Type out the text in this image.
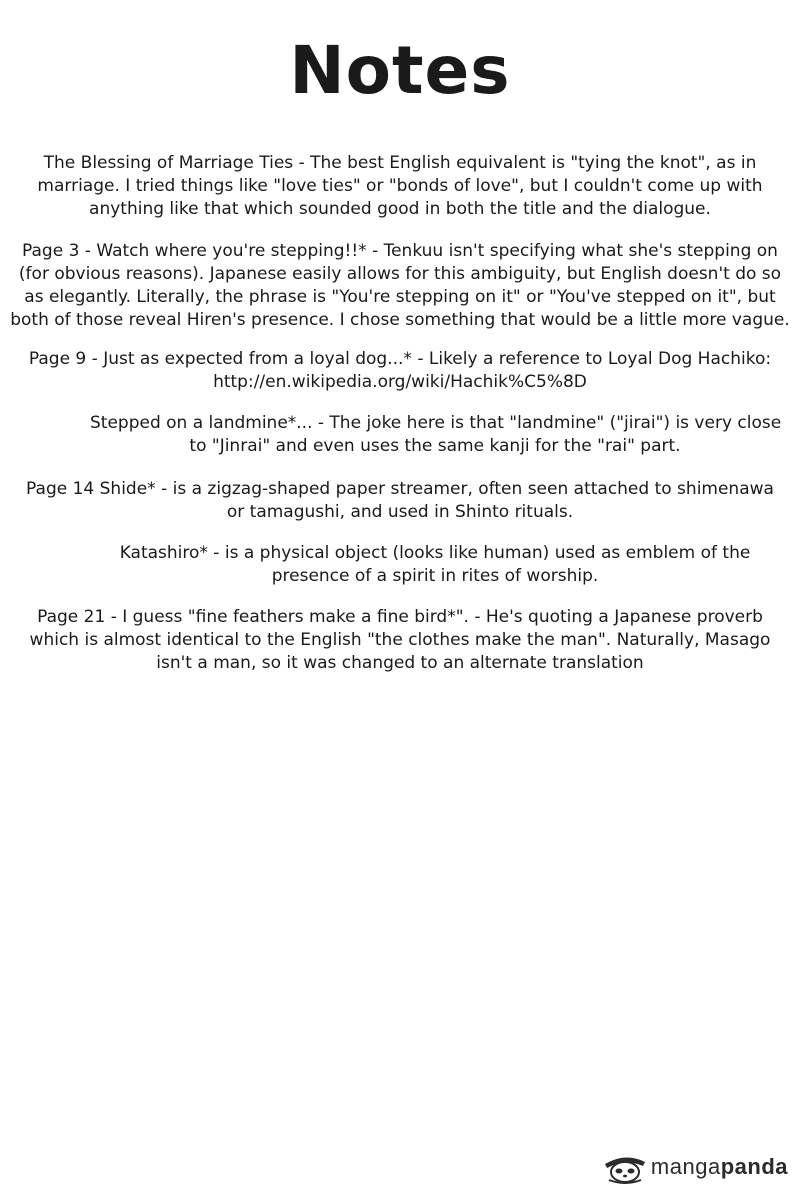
Notes
The Blessing of Marriage Ties - The best English equivalent is "tying the knot", as in
marriage. I tried things like "love ties" or "bonds of love", but I couldn't come up with
anything like that which sounded good in both the title and the dialogue.
Page 3 - Watch where you're stepping!!* - Tenkuu isn't specifying what she's stepping on
(for obvious reasons). Japanese easily allows for this ambiguity, but English doesn't do so
as elegantly. Literally, the phrase is "You're stepping on it" or "You've stepped on it", but
both of those reveal Hiren's presence. I chose something that would be a little more vague.
Page 9 - Just as expected from a loyal dog...* - Likely a reference to Loyal Dog Hachiko:
http://en.wikipedia.org/wiki/Hachik%C5%8D
Stepped on a landmine*... - The joke here is that "landmine" ("jirai") is very close
to "Jinrai" and even uses the same kanji for the "rai" part.
Page 14 Shide* - is a zigzag-shaped paper streamer, often seen attached to shimenawa
or tamagushi, and used in Shinto rituals.
Katashiro* - is a physical object (looks like human) used as emblem of the
presence of a spirit in rites of worship.
Page 21 - I guess "fine feathers make a fine bird*". - He's quoting a Japanese proverb
which is almost identical to the English "the clothes make the man". Naturally, Masago
isn't a man, so it was changed to an alternate translation
mangapanda
